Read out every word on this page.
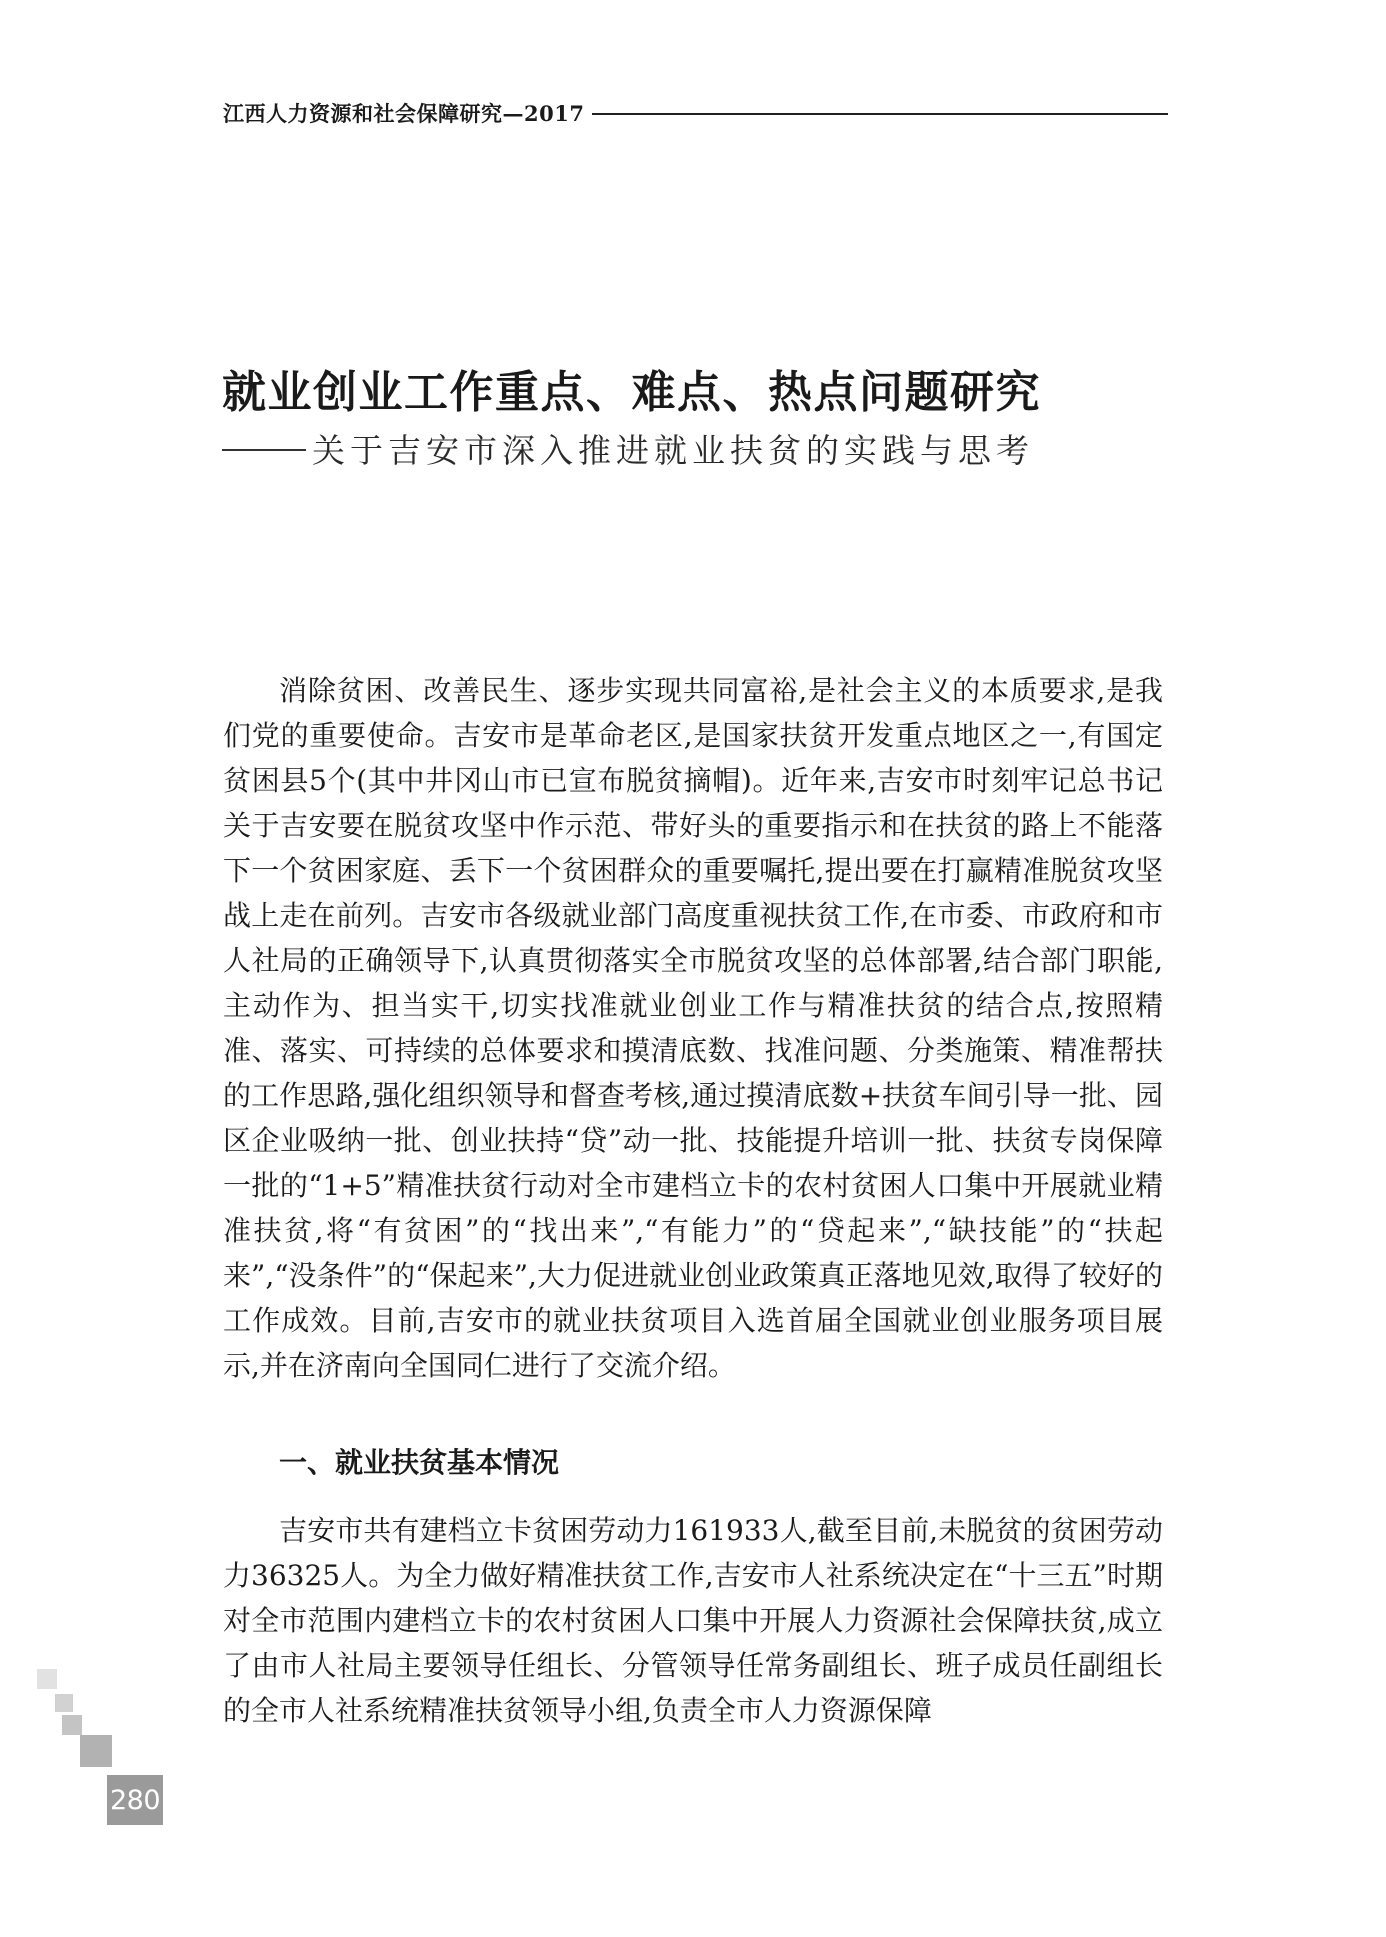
江西人力资源和社会保障研究—2017
就业创业工作重点、难点、热点问题研究
关于吉安市深入推进就业扶贫的实践与思考

消除贫困、改善民生、逐步实现共同富裕,是社会主义的本质要求,是我们党的重要使命。吉安市是革命老区,是国家扶贫开发重点地区之一,有国定贫困县5个(其中井冈山市已宣布脱贫摘帽)。近年来,吉安市时刻牢记总书记关于吉安要在脱贫攻坚中作示范、带好头的重要指示和在扶贫的路上不能落下一个贫困家庭、丢下一个贫困群众的重要嘱托,提出要在打赢精准脱贫攻坚战上走在前列。吉安市各级就业部门高度重视扶贫工作,在市委、市政府和市人社局的正确领导下,认真贯彻落实全市脱贫攻坚的总体部署,结合部门职能,主动作为、担当实干,切实找准就业创业工作与精准扶贫的结合点,按照精准、落实、可持续的总体要求和摸清底数、找准问题、分类施策、精准帮扶的工作思路,强化组织领导和督查考核,通过摸清底数+扶贫车间引导一批、园区企业吸纳一批、创业扶持“贷”动一批、技能提升培训一批、扶贫专岗保障一批的“1+5”精准扶贫行动对全市建档立卡的农村贫困人口集中开展就业精准扶贫,将“有贫困”的“找出来”,“有能力”的“贷起来”,“缺技能”的“扶起来”,“没条件”的“保起来”,大力促进就业创业政策真正落地见效,取得了较好的工作成效。目前,吉安市的就业扶贫项目入选首届全国就业创业服务项目展示,并在济南向全国同仁进行了交流介绍。

一、就业扶贫基本情况

吉安市共有建档立卡贫困劳动力161933人,截至目前,未脱贫的贫困劳动力36325人。为全力做好精准扶贫工作,吉安市人社系统决定在“十三五”时期对全市范围内建档立卡的农村贫困人口集中开展人力资源社会保障扶贫,成立了由市人社局主要领导任组长、分管领导任常务副组长、班子成员任副组长的全市人社系统精准扶贫领导小组,负责全市人力资源保障

280
